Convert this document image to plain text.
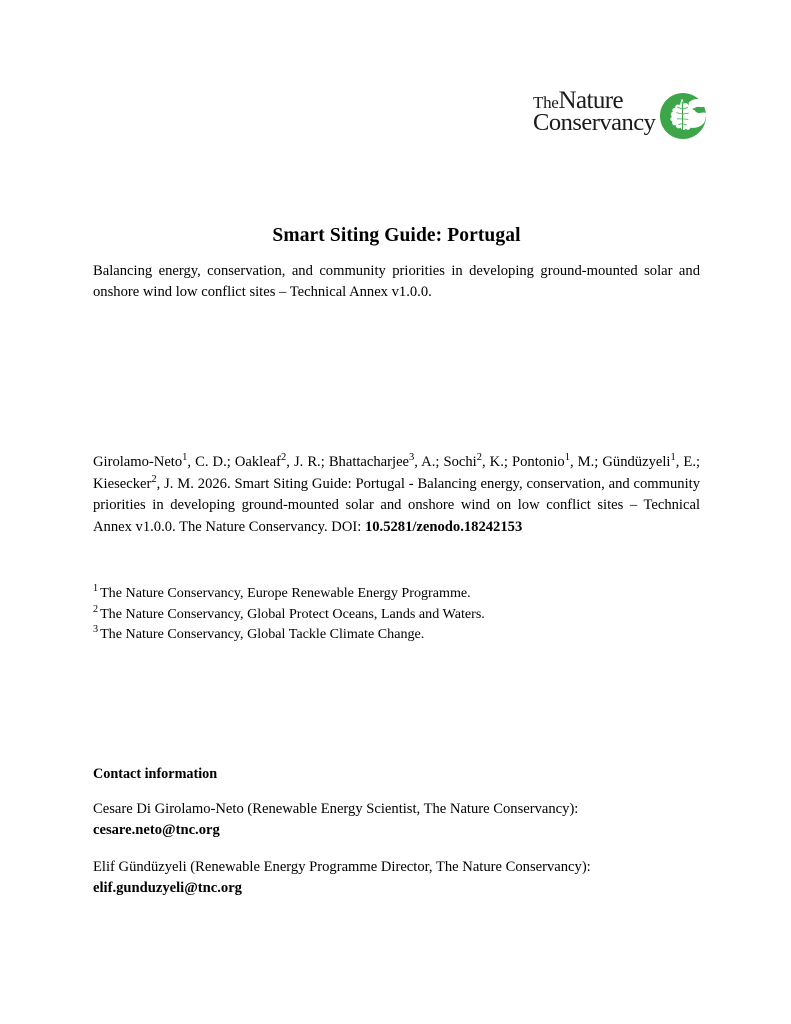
TheNature
Conservancy
Smart Siting Guide: Portugal
Balancing energy, conservation, and community priorities in developing ground-mounted solar and onshore wind low conflict sites – Technical Annex v1.0.0.
Girolamo-Neto$^1$, C. D.; Oakleaf$^2$, J. R.; Bhattacharjee$^3$, A.; Sochi$^2$, K.; Pontonio$^1$, M.; Gündüzyeli$^1$, E.; Kiesecker$^2$, J. M. 2026. Smart Siting Guide: Portugal - Balancing energy, conservation, and community priorities in developing ground-mounted solar and onshore wind on low conflict sites – Technical Annex v1.0.0. The Nature Conservancy. DOI: 10.5281/zenodo.18242153
$^1$ The Nature Conservancy, Europe Renewable Energy Programme.
$^2$ The Nature Conservancy, Global Protect Oceans, Lands and Waters.
$^3$ The Nature Conservancy, Global Tackle Climate Change.
Contact information
Cesare Di Girolamo-Neto (Renewable Energy Scientist, The Nature Conservancy):
cesare.neto@tnc.org
Elif Gündüzyeli (Renewable Energy Programme Director, The Nature Conservancy):
elif.gunduzyeli@tnc.org
